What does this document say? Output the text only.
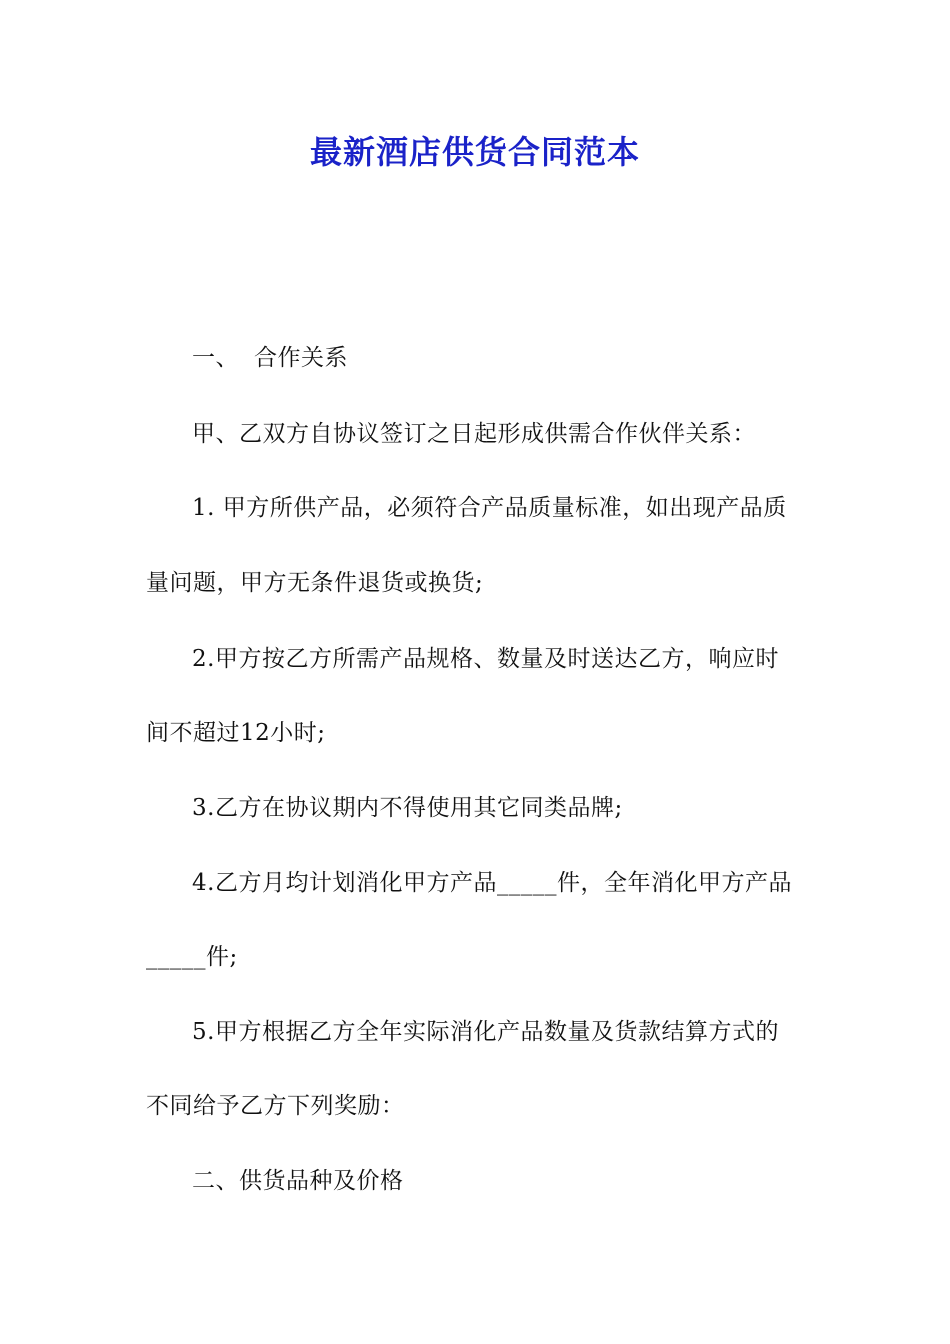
最新酒店供货合同范本
一、 合作关系
甲、乙双方自协议签订之日起形成供需合作伙伴关系：
1. 甲方所供产品，必须符合产品质量标准，如出现产品质
量问题，甲方无条件退货或换货;
2.甲方按乙方所需产品规格、数量及时送达乙方，响应时
间不超过12小时;
3.乙方在协议期内不得使用其它同类品牌;
4.乙方月均计划消化甲方产品_____件，全年消化甲方产品
_____件;
5.甲方根据乙方全年实际消化产品数量及货款结算方式的
不同给予乙方下列奖励：
二、供货品种及价格
